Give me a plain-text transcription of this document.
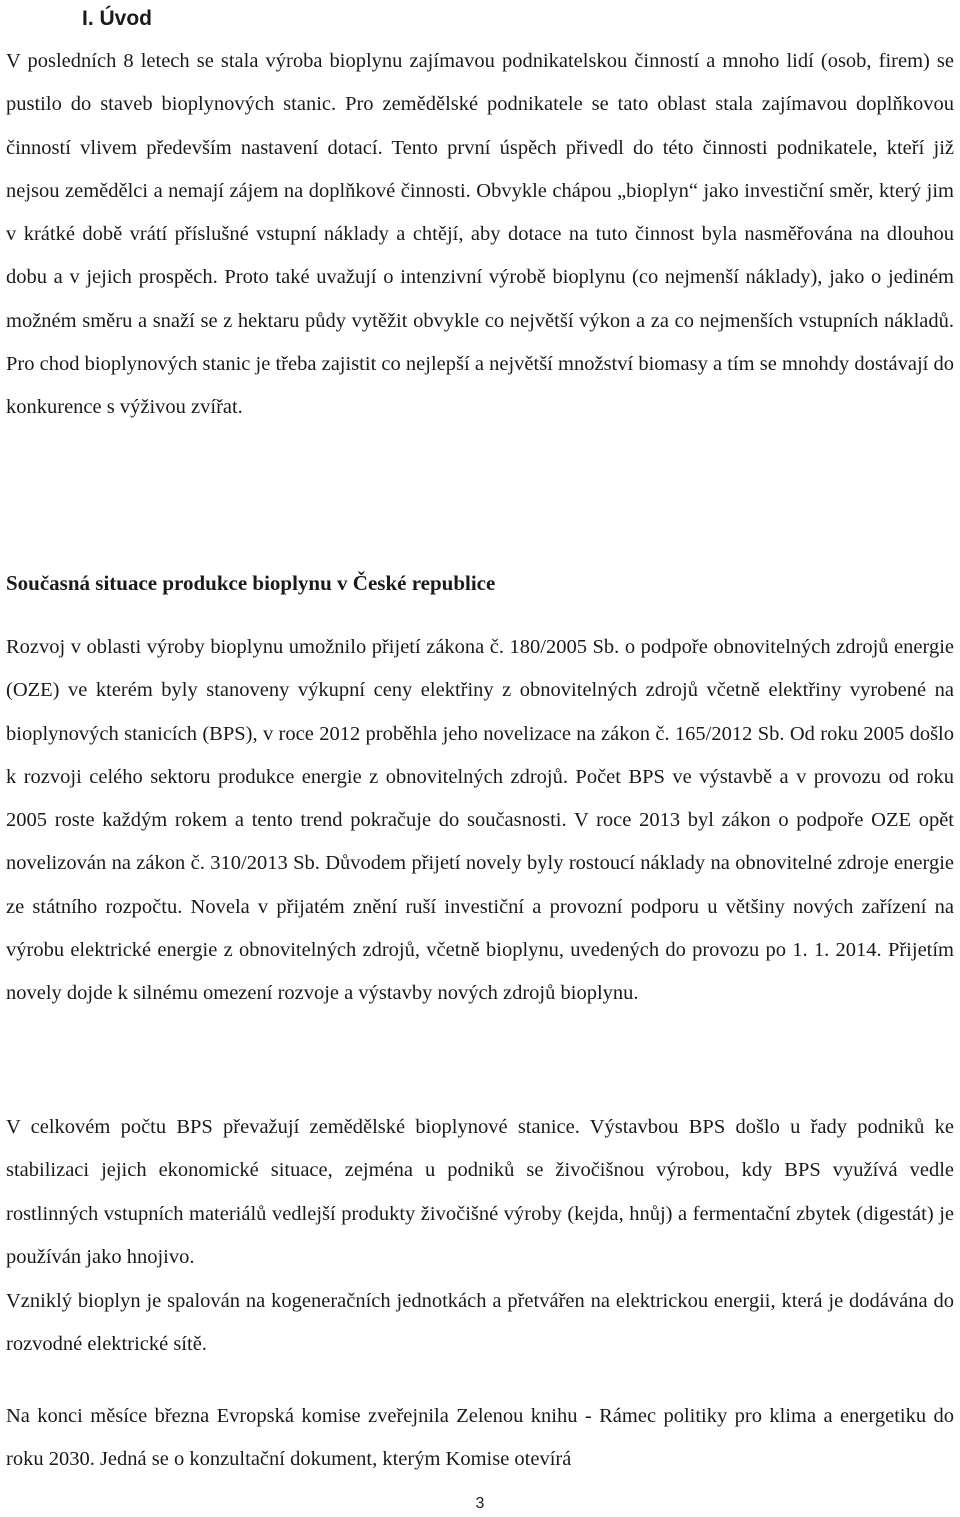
I. Úvod

V posledních 8 letech se stala výroba bioplynu zajímavou podnikatelskou činností a mnoho lidí (osob, firem) se pustilo do staveb bioplynových stanic. Pro zemědělské podnikatele se tato oblast stala zajímavou doplňkovou činností vlivem především nastavení dotací. Tento první úspěch přivedl do této činnosti podnikatele, kteří již nejsou zemědělci a nemají zájem na doplňkové činnosti. Obvykle chápou „bioplyn“ jako investiční směr, který jim v krátké době vrátí příslušné vstupní náklady a chtějí, aby dotace na tuto činnost byla nasměřována na dlouhou dobu a v jejich prospěch. Proto také uvažují o intenzivní výrobě bioplynu (co nejmenší náklady), jako o jediném možném směru a snaží se z hektaru půdy vytěžit obvykle co největší výkon a za co nejmenších vstupních nákladů. Pro chod bioplynových stanic je třeba zajistit co nejlepší a největší množství biomasy a tím se mnohdy dostávají do konkurence s výživou zvířat.

Současná situace produkce bioplynu v České republice

Rozvoj v oblasti výroby bioplynu umožnilo přijetí zákona č. 180/2005 Sb. o podpoře obnovitelných zdrojů energie (OZE) ve kterém byly stanoveny výkupní ceny elektřiny z obnovitelných zdrojů včetně elektřiny vyrobené na bioplynových stanicích (BPS), v roce 2012 proběhla jeho novelizace na zákon č. 165/2012 Sb. Od roku 2005 došlo k rozvoji celého sektoru produkce energie z obnovitelných zdrojů. Počet BPS ve výstavbě a v provozu od roku 2005 roste každým rokem a tento trend pokračuje do současnosti. V roce 2013 byl zákon o podpoře OZE opět novelizován na zákon č. 310/2013 Sb. Důvodem přijetí novely byly rostoucí náklady na obnovitelné zdroje energie ze státního rozpočtu. Novela v přijatém znění ruší investiční a provozní podporu u většiny nových zařízení na výrobu elektrické energie z obnovitelných zdrojů, včetně bioplynu, uvedených do provozu po 1. 1. 2014. Přijetím novely dojde k silnému omezení rozvoje a výstavby nových zdrojů bioplynu.

V celkovém počtu BPS převažují zemědělské bioplynové stanice. Výstavbou BPS došlo u řady podniků ke stabilizaci jejich ekonomické situace, zejména u podniků se živočišnou výrobou, kdy BPS využívá vedle rostlinných vstupních materiálů vedlejší produkty živočišné výroby (kejda, hnůj) a fermentační zbytek (digestát) je používán jako hnojivo.

Vzniklý bioplyn je spalován na kogeneračních jednotkách a přetvářen na elektrickou energii, která je dodávána do rozvodné elektrické sítě.

Na konci měsíce března Evropská komise zveřejnila Zelenou knihu - Rámec politiky pro klima a energetiku do roku 2030. Jedná se o konzultační dokument, kterým Komise otevírá

3
